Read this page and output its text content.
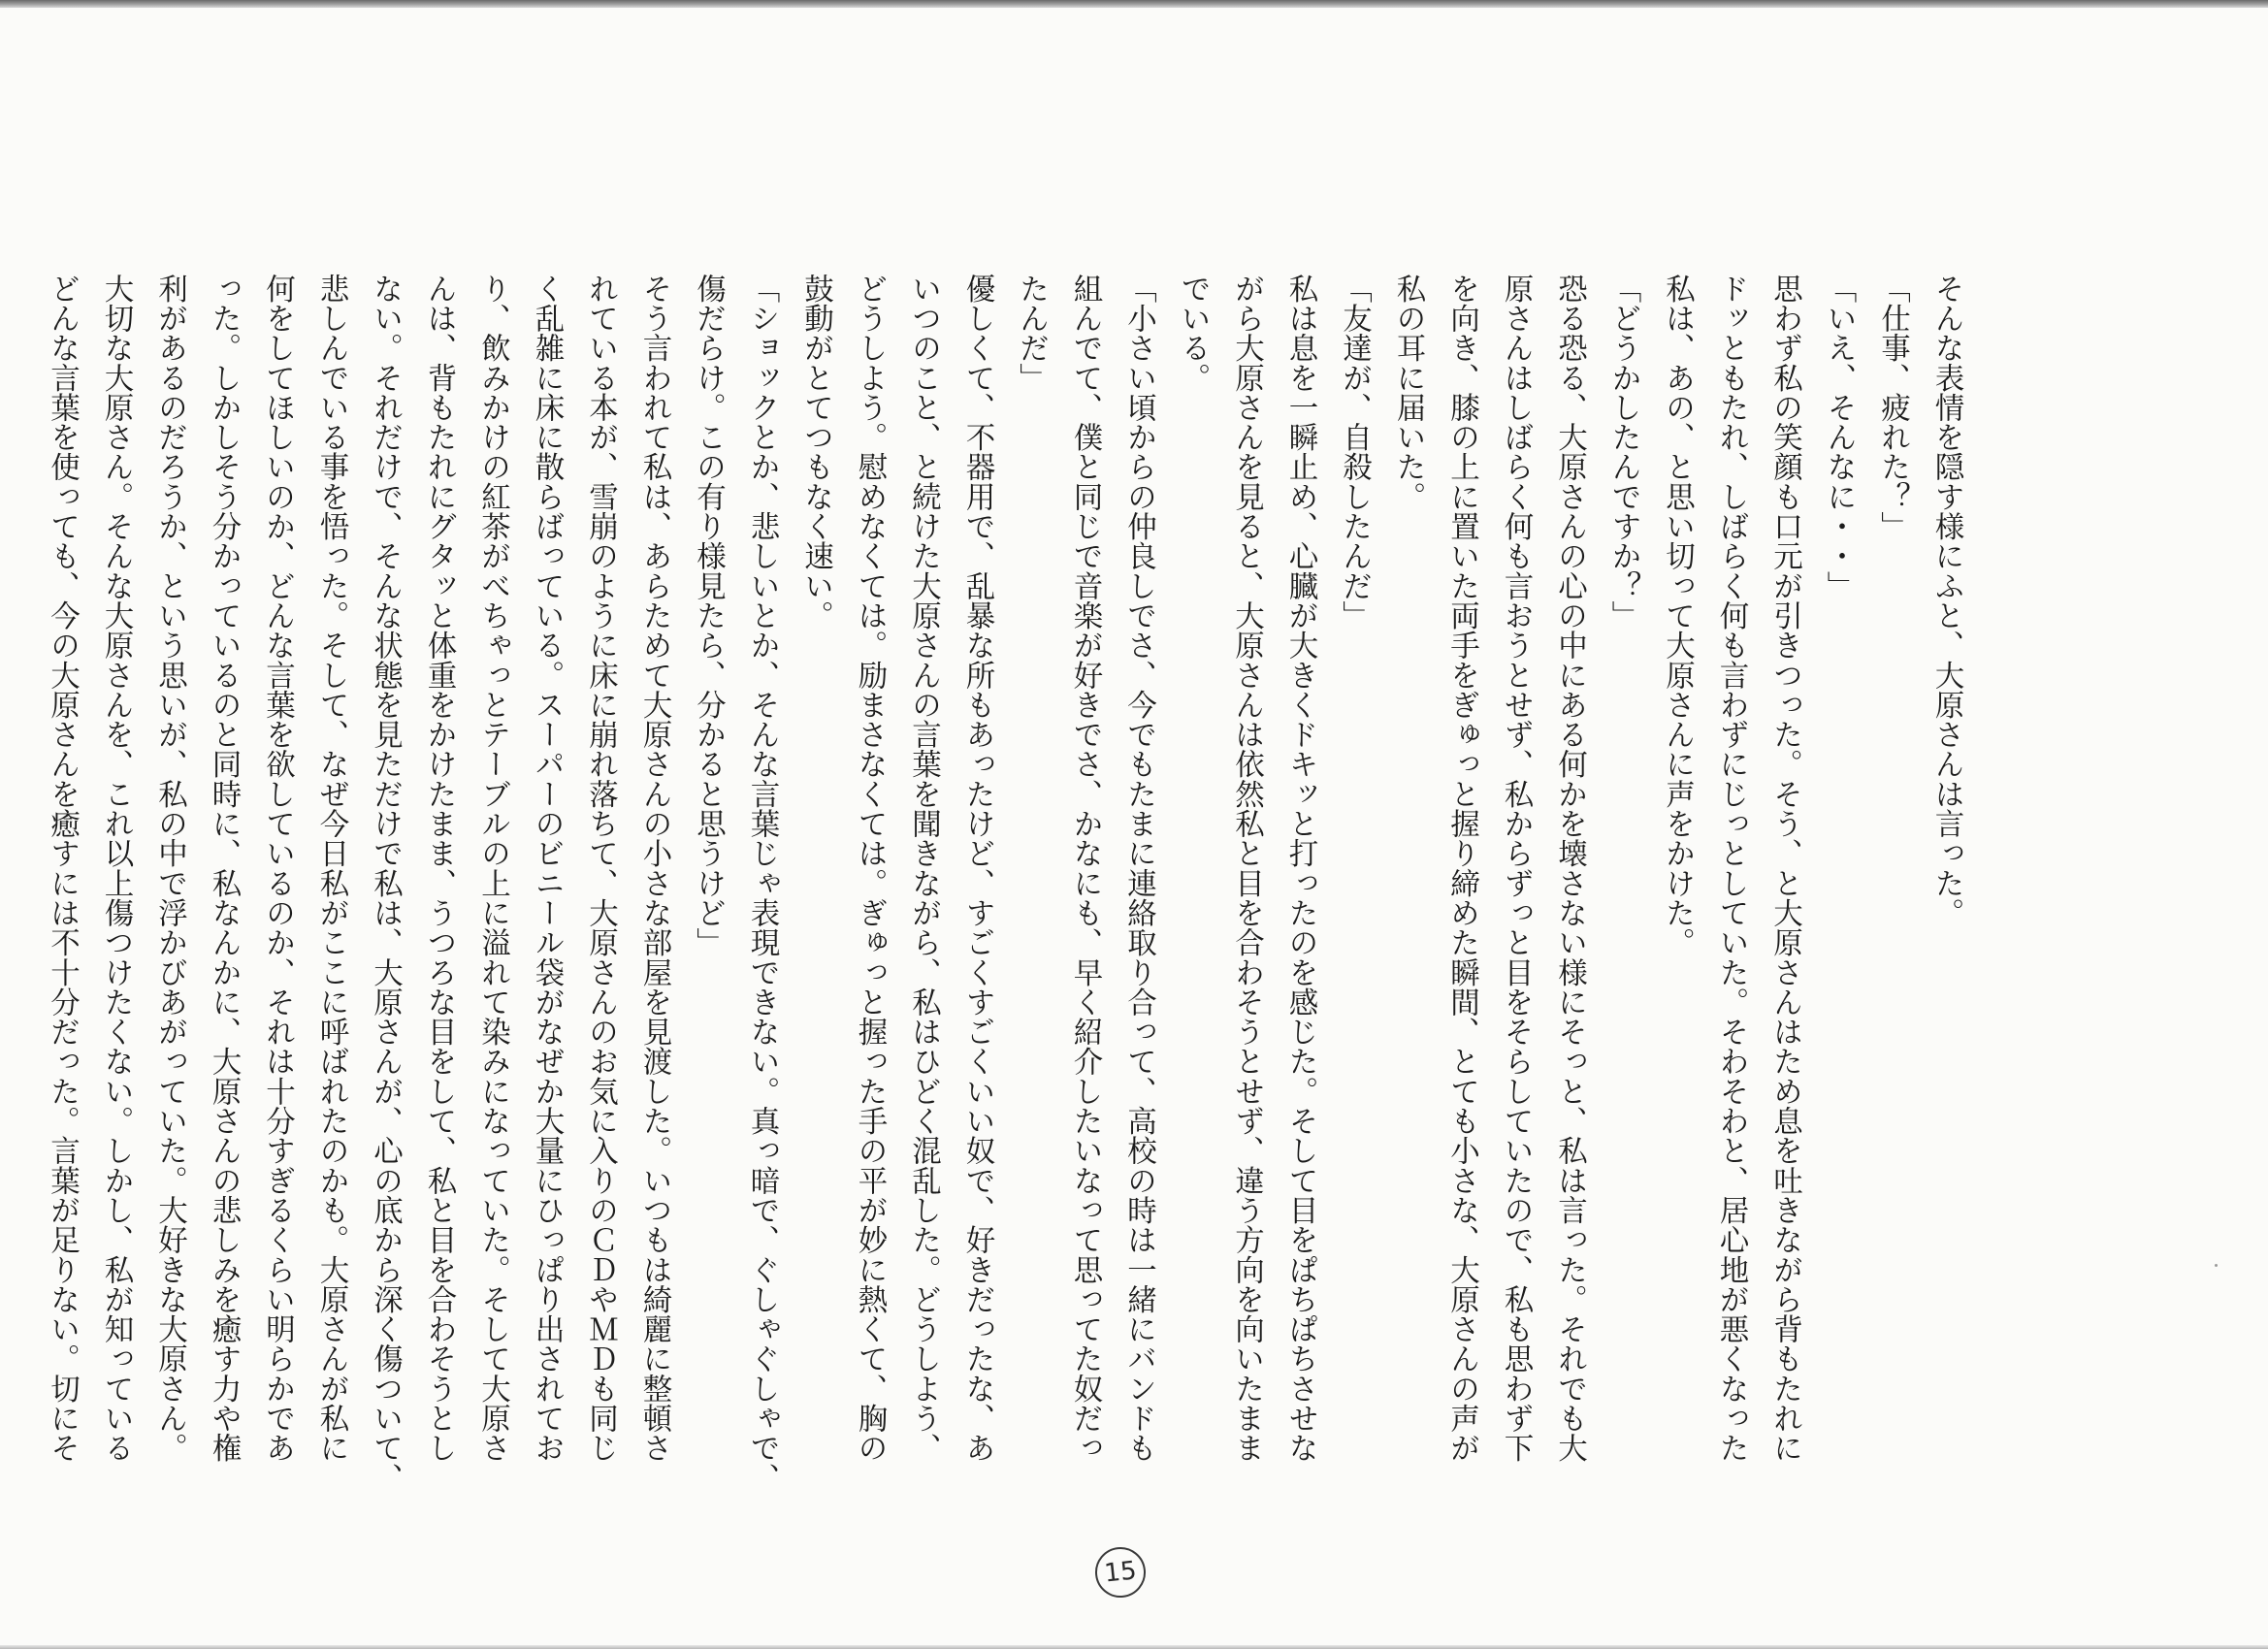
そんな表情を隠す様にふと、大原さんは言った。
「仕事、疲れた？」
「いえ、そんなに・・」
思わず私の笑顔も口元が引きつった。そう、と大原さんはため息を吐きながら背もたれに
ドッともたれ、しばらく何も言わずにじっとしていた。そわそわと、居心地が悪くなった
私は、あの、と思い切って大原さんに声をかけた。
「どうかしたんですか？」
恐る恐る、大原さんの心の中にある何かを壊さない様にそっと、私は言った。それでも大
原さんはしばらく何も言おうとせず、私からずっと目をそらしていたので、私も思わず下
を向き、膝の上に置いた両手をぎゅっと握り締めた瞬間、とても小さな、大原さんの声が
私の耳に届いた。
「友達が、自殺したんだ」
私は息を一瞬止め、心臓が大きくドキッと打ったのを感じた。そして目をぱちぱちさせな
がら大原さんを見ると、大原さんは依然私と目を合わそうとせず、違う方向を向いたまま
でいる。
「小さい頃からの仲良しでさ、今でもたまに連絡取り合って、高校の時は一緒にバンドも
組んでて、僕と同じで音楽が好きでさ、かなにも、早く紹介したいなって思ってた奴だっ
たんだ」
優しくて、不器用で、乱暴な所もあったけど、すごくすごくいい奴で、好きだったな、あ
いつのこと、と続けた大原さんの言葉を聞きながら、私はひどく混乱した。どうしよう、
どうしよう。慰めなくては。励まさなくては。ぎゅっと握った手の平が妙に熱くて、胸の
鼓動がとてつもなく速い。
「ショックとか、悲しいとか、そんな言葉じゃ表現できない。真っ暗で、ぐしゃぐしゃで、
傷だらけ。この有り様見たら、分かると思うけど」
そう言われて私は、あらためて大原さんの小さな部屋を見渡した。いつもは綺麗に整頓さ
れている本が、雪崩のように床に崩れ落ちて、大原さんのお気に入りのＣＤやＭＤも同じ
く乱雑に床に散らばっている。スーパーのビニール袋がなぜか大量にひっぱり出されてお
り、飲みかけの紅茶がべちゃっとテーブルの上に溢れて染みになっていた。そして大原さ
んは、背もたれにグタッと体重をかけたまま、うつろな目をして、私と目を合わそうとし
ない。それだけで、そんな状態を見ただけで私は、大原さんが、心の底から深く傷ついて、
悲しんでいる事を悟った。そして、なぜ今日私がここに呼ばれたのかも。大原さんが私に
何をしてほしいのか、どんな言葉を欲しているのか、それは十分すぎるくらい明らかであ
った。しかしそう分かっているのと同時に、私なんかに、大原さんの悲しみを癒す力や権
利があるのだろうか、という思いが、私の中で浮かびあがっていた。大好きな大原さん。
大切な大原さん。そんな大原さんを、これ以上傷つけたくない。しかし、私が知っている
どんな言葉を使っても、今の大原さんを癒すには不十分だった。言葉が足りない。切にそ
15
